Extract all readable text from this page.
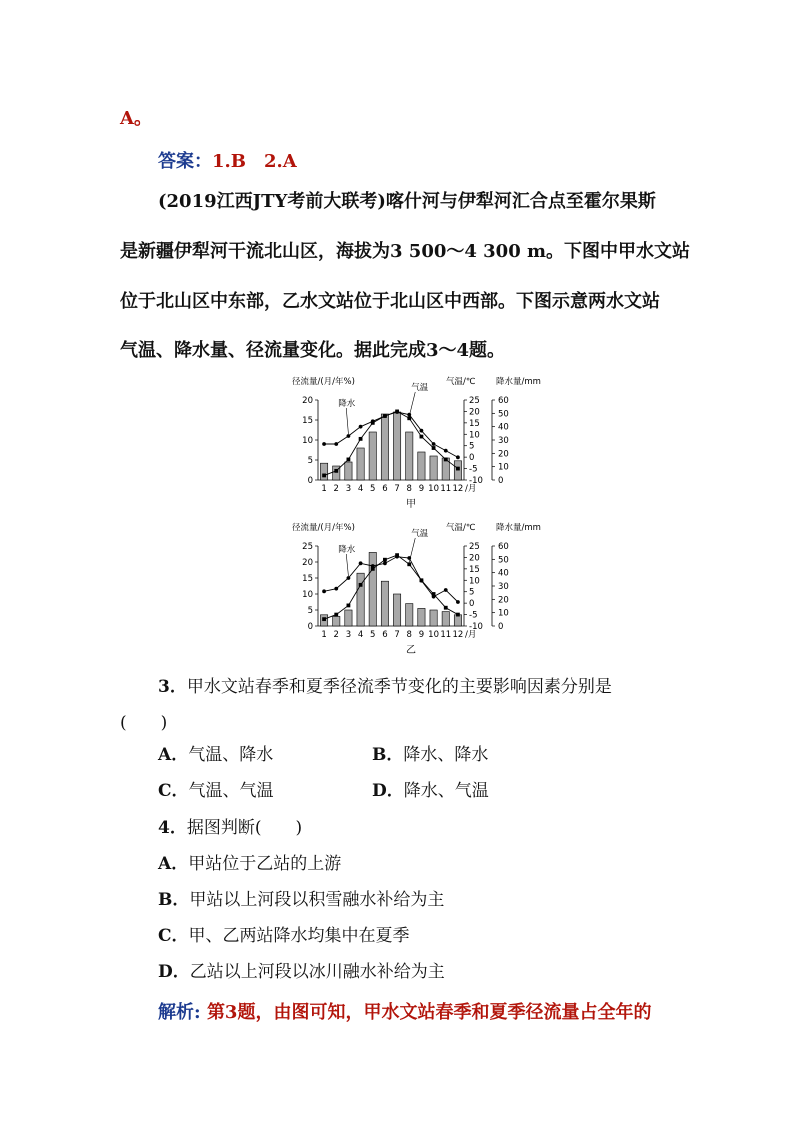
A。
答案：1.B　2.A
(2019江西JTY考前大联考)喀什河与伊犁河汇合点至霍尔果斯
是新疆伊犁河干流北山区，海拔为3 500～4 300 m。下图中甲水文站
位于北山区中东部，乙水文站位于北山区中西部。下图示意两水文站
气温、降水量、径流量变化。据此完成3～4题。
径流量/(月/年%)	气温/℃ 降水量/mm
0
5
10
15
20
-10
-5
0
5
10
15
20
25
0
10
20
30
40
50
60
1 2 3 4 5 6 7 8 9 10 11 12 /月
降水
气温
甲
径流量/(月/年%)	气温/℃ 降水量/mm
0
5
10
15
20
25
-10
-5
0
5
10
15
20
25
0
10
20
30
40
50
60
1 2 3 4 5 6 7 8 9 10 11 12 /月
降水
气温
乙
3．甲水文站春季和夏季径流季节变化的主要影响因素分别是
(　　)
A．气温、降水	B．降水、降水
C．气温、气温	D．降水、气温
4．据图判断(　　)
A．甲站位于乙站的上游
B．甲站以上河段以积雪融水补给为主
C．甲、乙两站降水均集中在夏季
D．乙站以上河段以冰川融水补给为主
解析: 第3题，由图可知，甲水文站春季和夏季径流量占全年的
